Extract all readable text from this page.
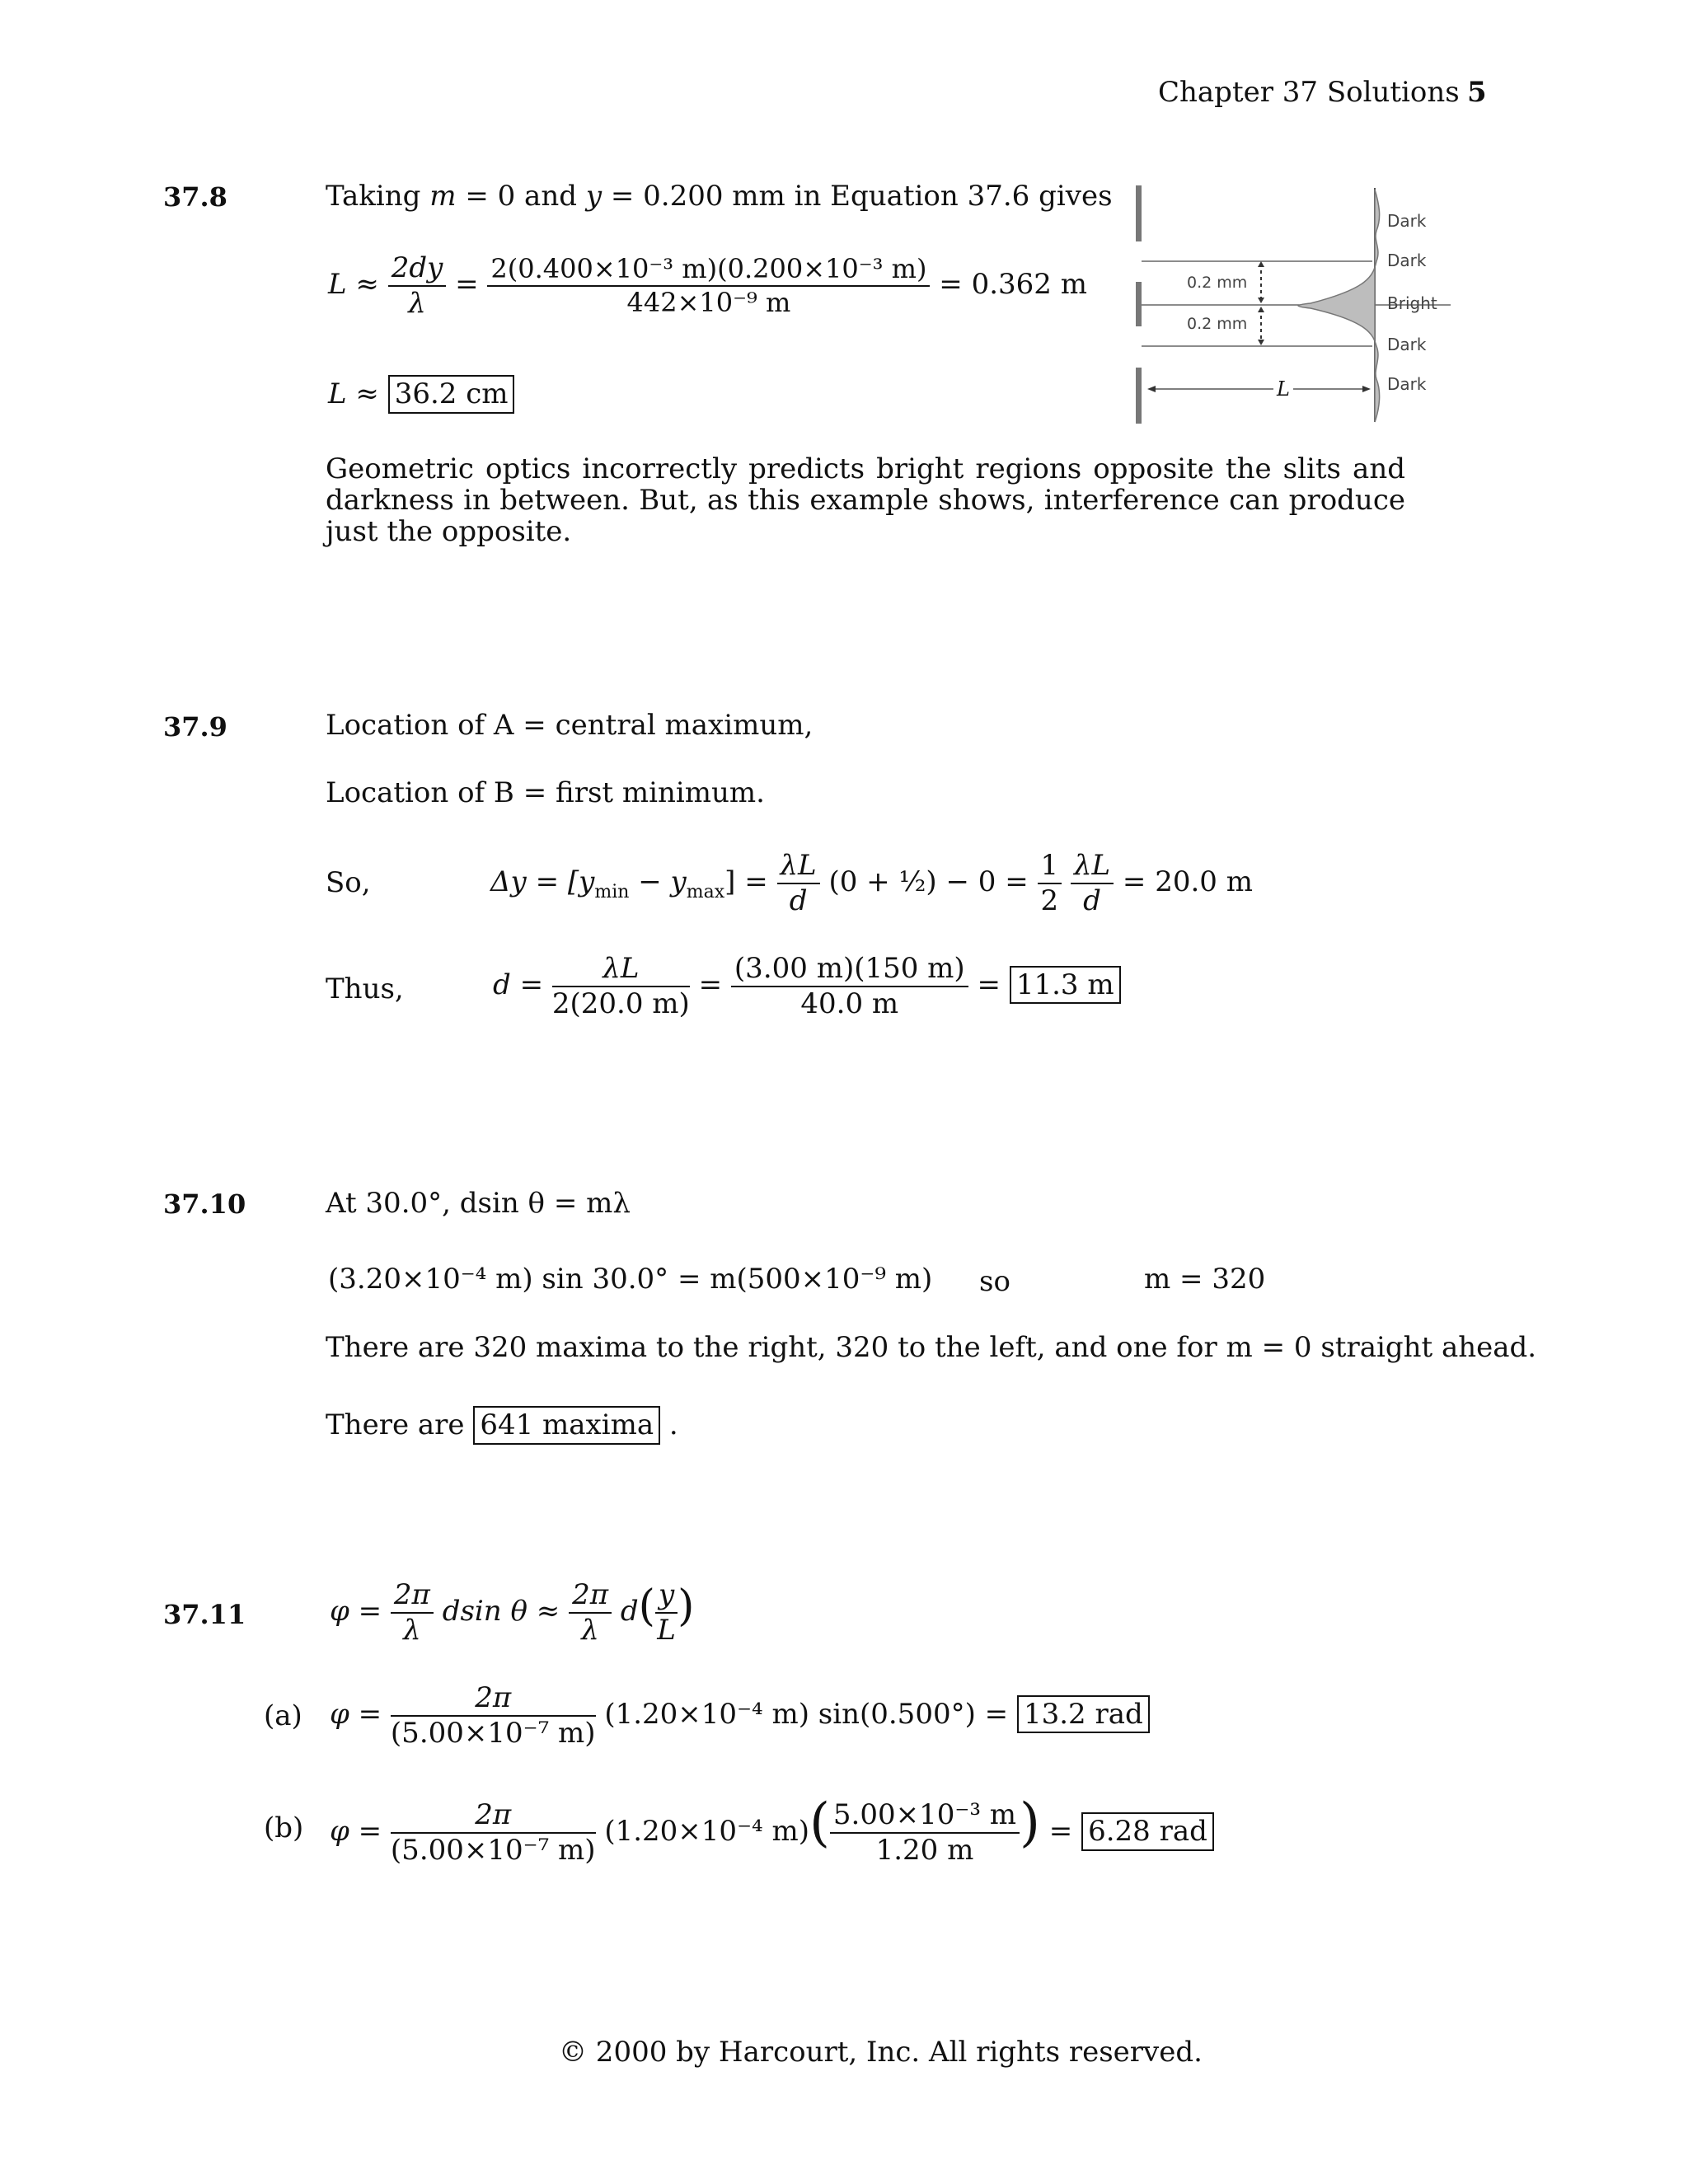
Chapter 37 Solutions 5
37.8	Taking m = 0 and y = 0.200 mm in Equation 37.6 gives
$L \approx \frac{2dy}{\lambda} = \frac{\text{2(0.400×10⁻³ m)(0.200×10⁻³ m)}}{\text{442×10⁻⁹ m}} = 0.362$ m
L ≈ 36.2 cm
Geometric optics incorrectly predicts bright regions opposite the slits and darkness in between. But, as this example shows, interference can produce just the opposite.
0.2 mm
0.2 mm
L
Dark
Dark
Bright
Dark
Dark
37.9	Location of A = central maximum,
Location of B = first minimum.
So,	$\Delta y = [y_{min} - y_{max}] = \frac{\lambda L}{d} (0$ + ½) − $0 = \frac{1}{2}$
$\frac{\lambda L}{d} = 20.0$ m
Thus,	$d = \frac{\lambda L}{2(20.0 m)} = \frac{(3.00 m)(150 m)}{40.0 m} = 11.3$ m
37.10	At 30.0°, dsin θ = mλ
(3.20×10⁻⁴ m) sin 30.0° = m(500×10⁻⁹ m) so	m = 320
There are 320 maxima to the right, 320 to the left, and one for m = 0 straight ahead.
There are 641 maxima .
37.11	$\varphi = \frac{2\pi}{\lambda}$ dsin $\theta \approx \frac{2\pi}{\lambda} d( \frac{y}{L}$ )
(a) $\varphi = \frac{2\pi}{\text{(5.00×10⁻⁷ m)}} (1.20\times 10^{-4}$ m) sin(0.500°) = 13.2 rad
(b) $\varphi = \frac{2\pi}{\text{(5.00×10⁻⁷ m)}} (1.20\times 10^{-4}$ $m)( \frac{\text{5.00×10⁻³ m}}{1.20 m}$ ) = 6.28 rad
© 2000 by Harcourt, Inc. All rights reserved.
